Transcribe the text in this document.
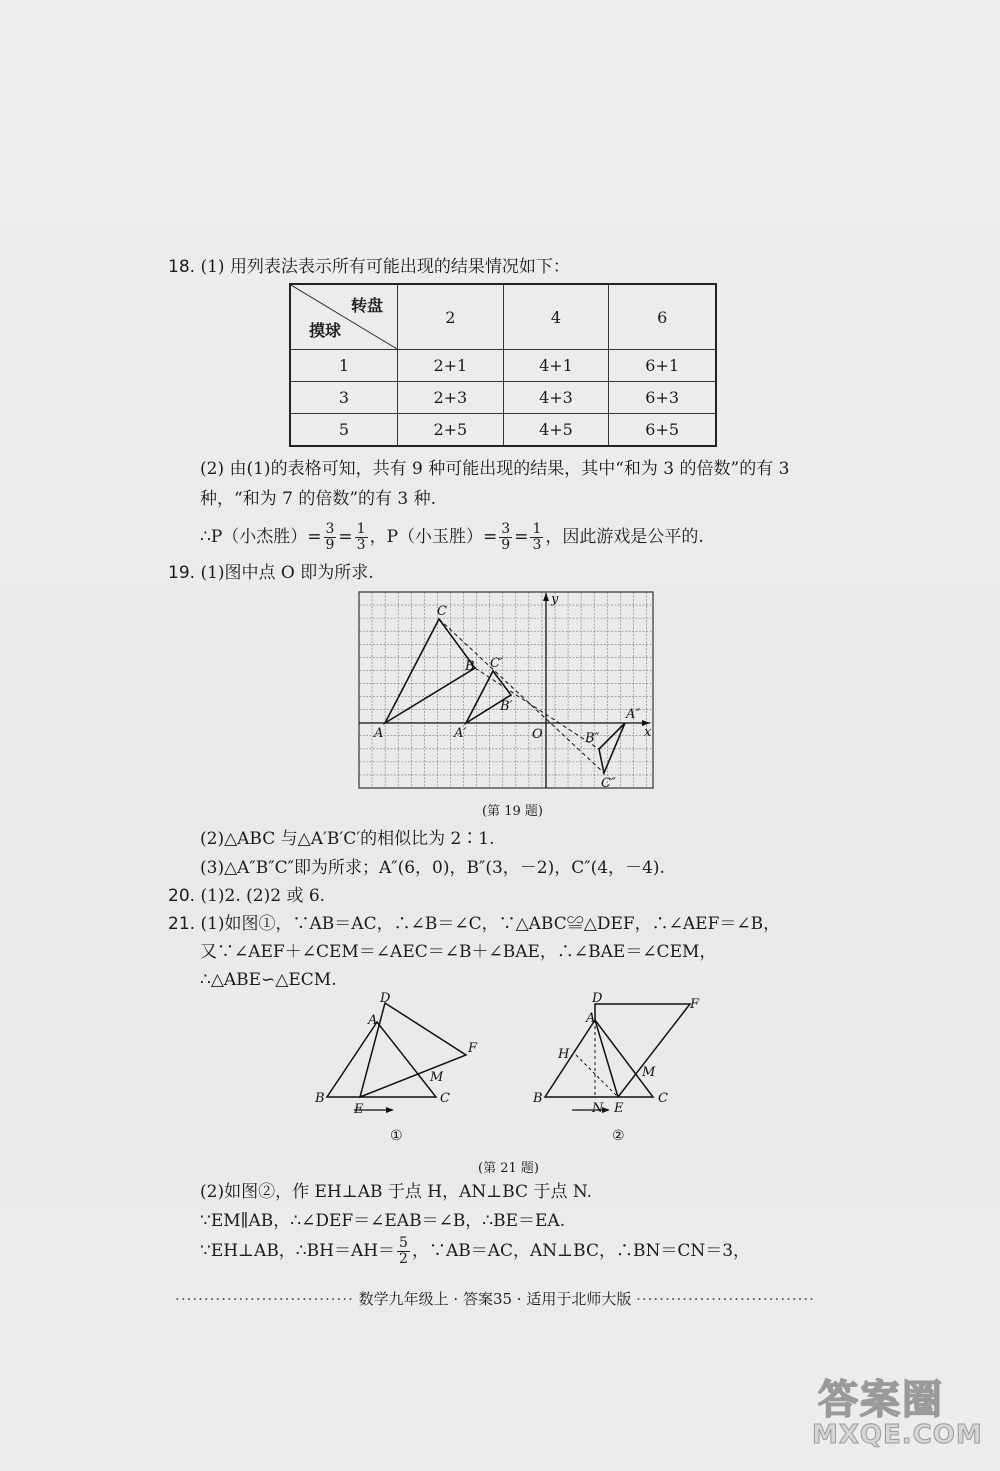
18. (1) 用列表法表示所有可能出现的结果情况如下：
转盘
摸球	2	4	6
1	2+1	4+1	6+1
3	2+3	4+3	6+3
5	2+5	4+5	6+5
(2) 由(1)的表格可知，共有 9 种可能出现的结果，其中“和为 3 的倍数”的有 3
种，“和为 7 的倍数”的有 3 种.
∴P（小杰胜）= $\frac{3}{9} = \frac{1}{3}$ ，P（小玉胜）= $\frac{3}{9} = \frac{1}{3}$ ，因此游戏是公平的.
19. (1)图中点 O 即为所求.
C
B
A
C′
B′
A′	O	x
y
A″
B″
C″
(第 19 题)
(2)△ABC 与△A′B′C′的相似比为 2∶1.
(3)△A″B″C″即为所求；A″(6，0)，B″(3，－2)，C″(4，－4).
20. (1)2. (2)2 或 6.
21. (1)如图①，∵AB＝AC，∴∠B＝∠C，∵△ABC≌△DEF，∴∠AEF＝∠B，
又∵∠AEF＋∠CEM＝∠AEC＝∠B＋∠BAE，∴∠BAE＝∠CEM，
∴△ABE∽△ECM.
D
A
F
M
B
E
C
①
D	F
A
H
M
B
N E
C
②
(第 21 题)
(2)如图②，作 EH⊥AB 于点 H，AN⊥BC 于点 N.
∵EM∥AB，∴∠DEF＝∠EAB＝∠B，∴BE＝EA.
∵EH⊥AB，∴BH＝AH＝ $\frac{5}{2}$ ，∵AB＝AC，AN⊥BC，∴BN＝CN＝3，
······························· 数学九年级上 · 答案35 · 适用于北师大版 ·······························
答案圈
MXQE.COM
